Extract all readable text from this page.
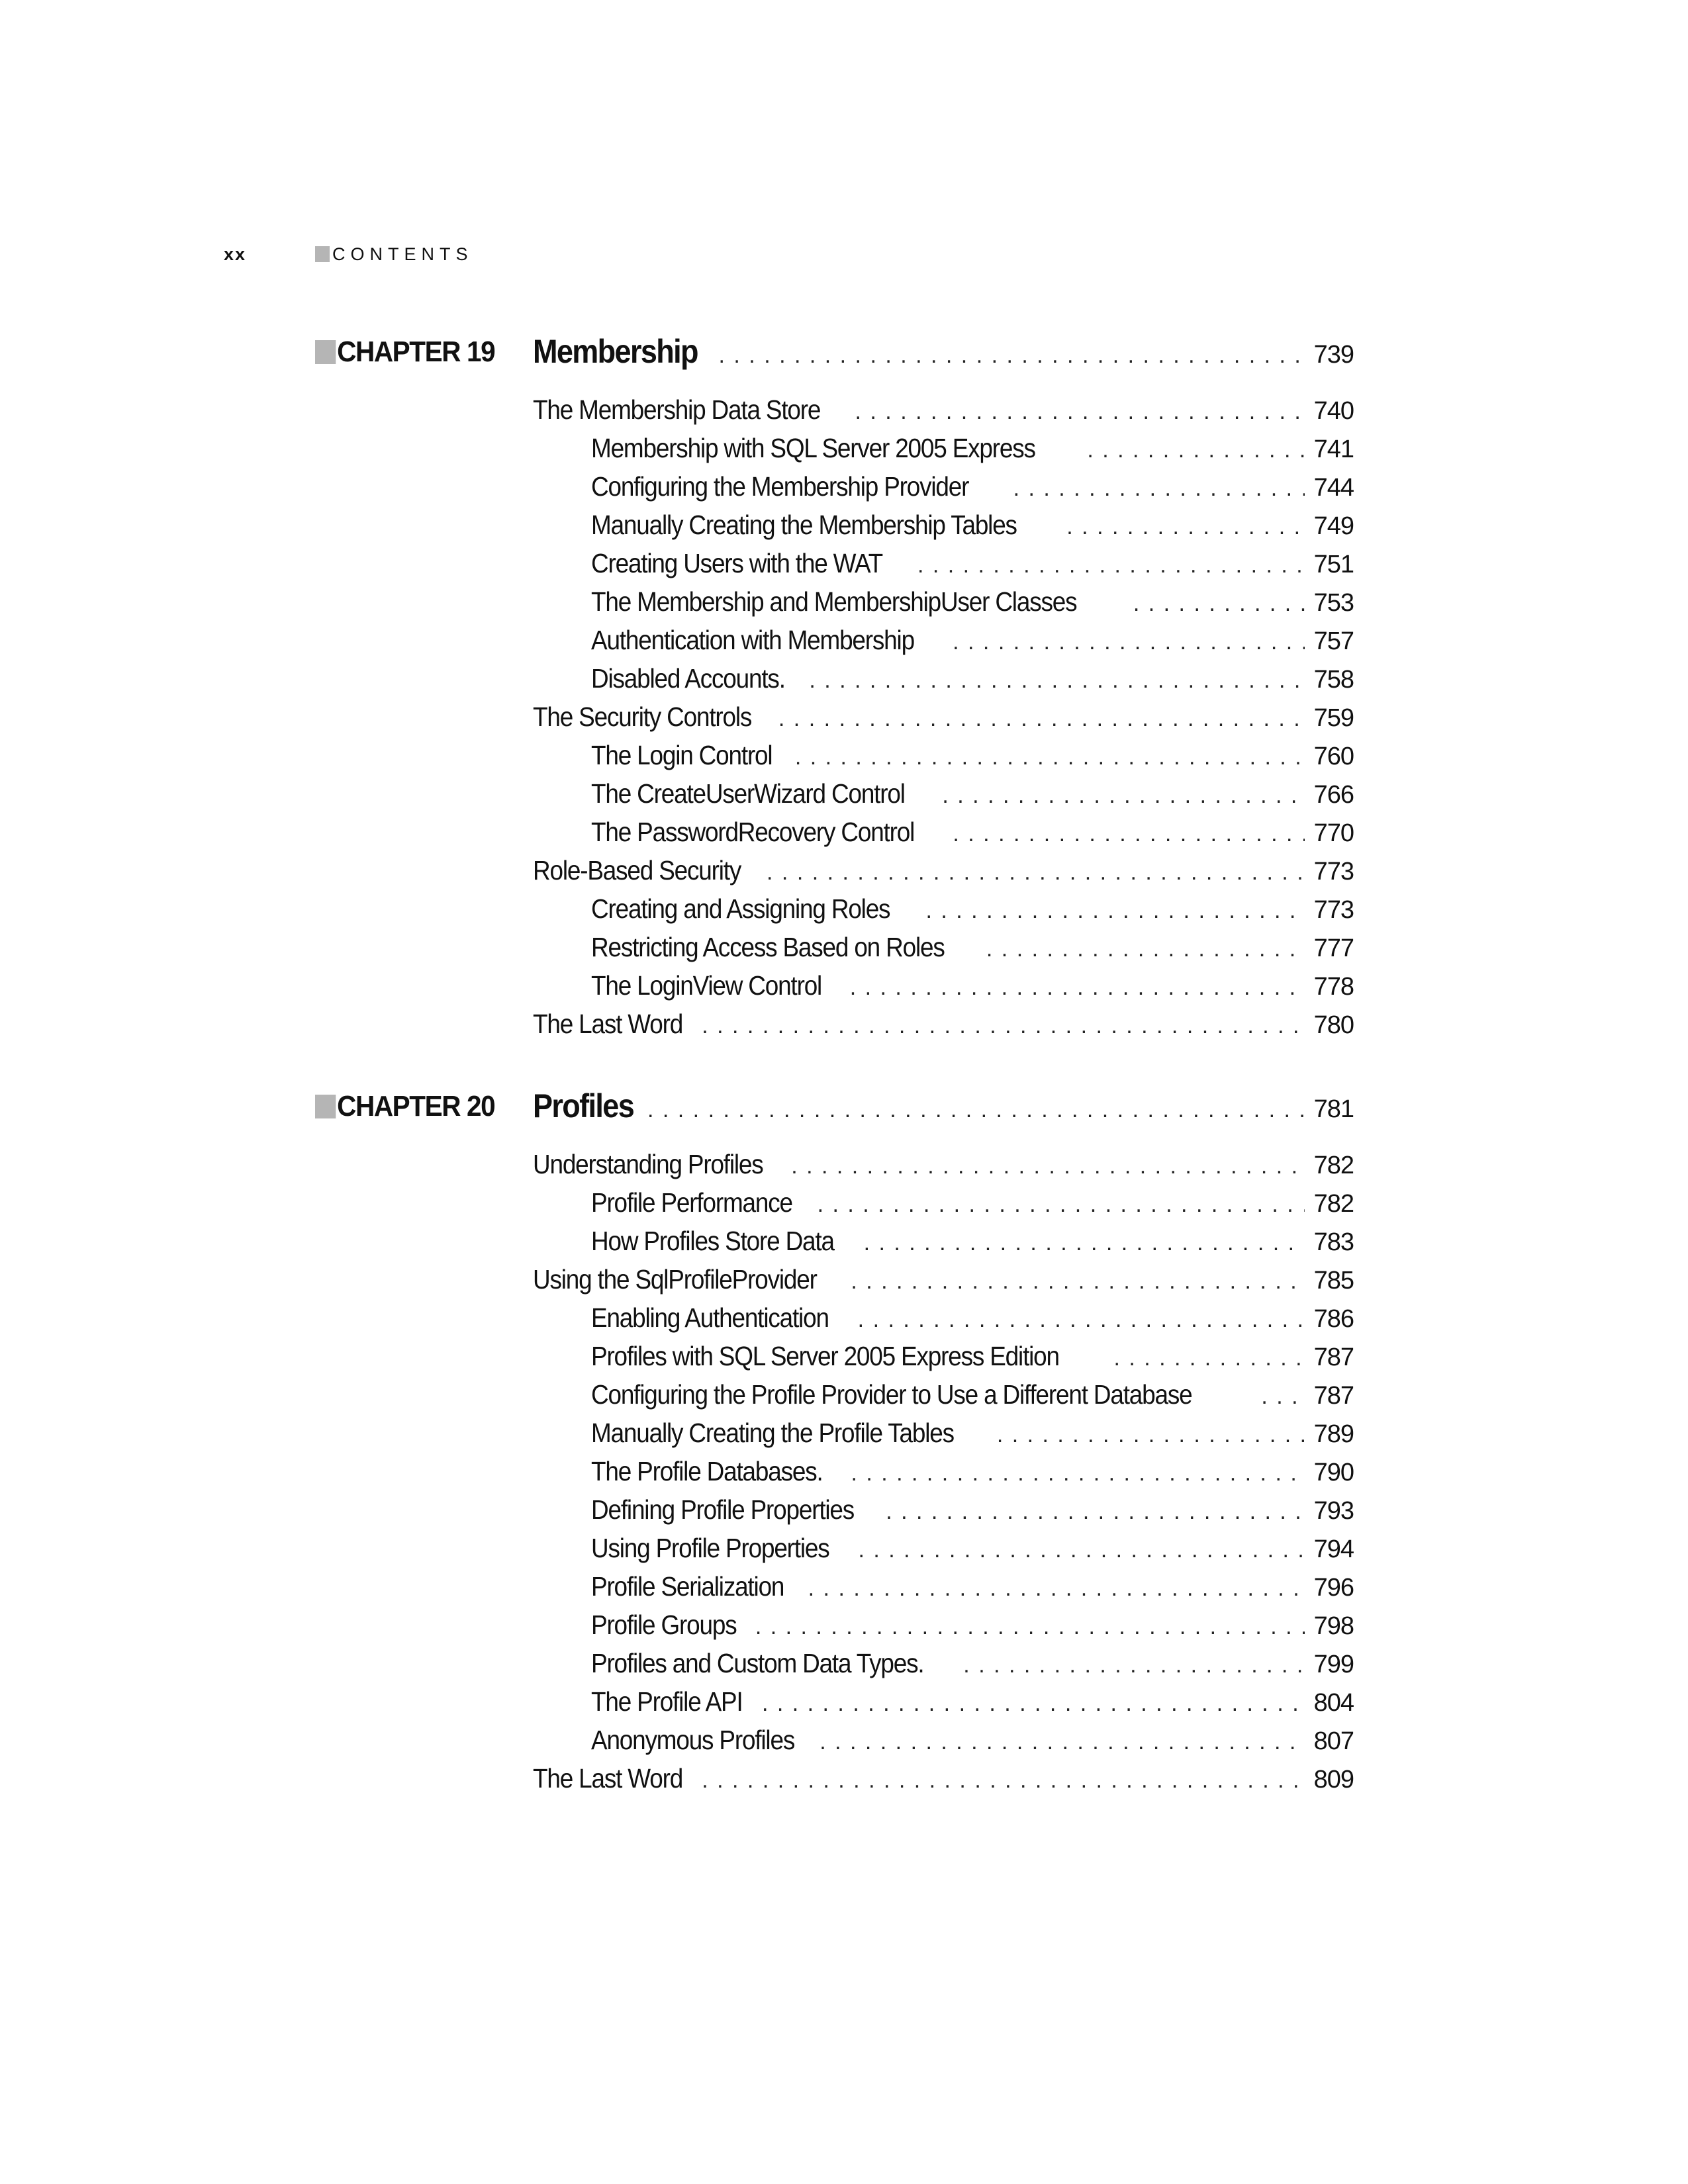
xx	CONTENTS
CHAPTER 19 Membership . . .	739
The Membership Data Store . . .	740
Membership with SQL Server 2005 Express . . .	741
Configuring the Membership Provider . . .	744
Manually Creating the Membership Tables . . .	749
Creating Users with the WAT . . .	751
The Membership and MembershipUser Classes . . .	753
Authentication with Membership . . .	757
Disabled Accounts. . . .	758
The Security Controls . . .	759
The Login Control . . .	760
The CreateUserWizard Control . . .	766
The PasswordRecovery Control . . .	770
Role-Based Security . . .	773
Creating and Assigning Roles . . .	773
Restricting Access Based on Roles . . .	777
The LoginView Control . . .	778
The Last Word . . .	780
CHAPTER 20 Profiles . . .	781
Understanding Profiles . . .	782
Profile Performance . . .	782
How Profiles Store Data . . .	783
Using the SqlProfileProvider . . .	785
Enabling Authentication . . .	786
Profiles with SQL Server 2005 Express Edition . . .	787
Configuring the Profile Provider to Use a Different Database . . .	787
Manually Creating the Profile Tables . . .	789
The Profile Databases. . . .	790
Defining Profile Properties . . .	793
Using Profile Properties . . .	794
Profile Serialization . . .	796
Profile Groups . . .	798
Profiles and Custom Data Types. . . .	799
The Profile API . . .	804
Anonymous Profiles . . .	807
The Last Word . . .	809
